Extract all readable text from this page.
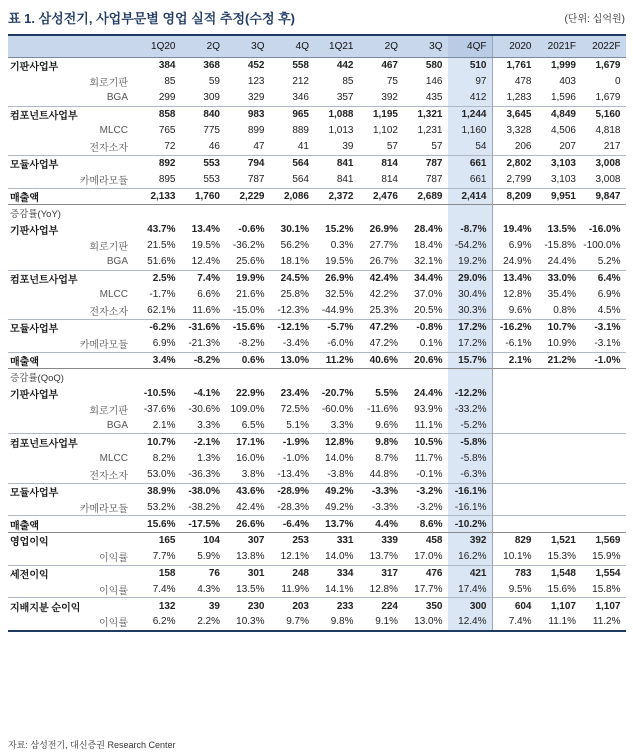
표 1. 삼성전기, 사업부문별 영업 실적 추정(수정 후)	(단위: 십억원)
	1Q20	2Q	3Q	4Q	1Q21	2Q	3Q	4QF	2020	2021F	2022F
기판사업부	384	368	452	558	442	467	580	510	1,761	1,999	1,679
회로기판	85	59	123	212	85	75	146	97	478	403	0
BGA	299	309	329	346	357	392	435	412	1,283	1,596	1,679
컴포넌트사업부	858	840	983	965	1,088	1,195	1,321	1,244	3,645	4,849	5,160
MLCC	765	775	899	889	1,013	1,102	1,231	1,160	3,328	4,506	4,818
전자소자	72	46	47	41	39	57	57	54	206	207	217
모듈사업부	892	553	794	564	841	814	787	661	2,802	3,103	3,008
카메라모듈	895	553	787	564	841	814	787	661	2,799	3,103	3,008
매출액	2,133	1,760	2,229	2,086	2,372	2,476	2,689	2,414	8,209	9,951	9,847
증감률(YoY)											
기판사업부	43.7%	13.4%	-0.6%	30.1%	15.2%	26.9%	28.4%	-8.7%	19.4%	13.5%	-16.0%
회로기판	21.5%	19.5%	-36.2%	56.2%	0.3%	27.7%	18.4%	-54.2%	6.9%	-15.8%	-100.0%
BGA	51.6%	12.4%	25.6%	18.1%	19.5%	26.7%	32.1%	19.2%	24.9%	24.4%	5.2%
컴포넌트사업부	2.5%	7.4%	19.9%	24.5%	26.9%	42.4%	34.4%	29.0%	13.4%	33.0%	6.4%
MLCC	-1.7%	6.6%	21.6%	25.8%	32.5%	42.2%	37.0%	30.4%	12.8%	35.4%	6.9%
전자소자	62.1%	11.6%	-15.0%	-12.3%	-44.9%	25.3%	20.5%	30.3%	9.6%	0.8%	4.5%
모듈사업부	-6.2%	-31.6%	-15.6%	-12.1%	-5.7%	47.2%	-0.8%	17.2%	-16.2%	10.7%	-3.1%
카메라모듈	6.9%	-21.3%	-8.2%	-3.4%	-6.0%	47.2%	0.1%	17.2%	-6.1%	10.9%	-3.1%
매출액	3.4%	-8.2%	0.6%	13.0%	11.2%	40.6%	20.6%	15.7%	2.1%	21.2%	-1.0%
증감률(QoQ)											
기판사업부	-10.5%	-4.1%	22.9%	23.4%	-20.7%	5.5%	24.4%	-12.2%			
회로기판	-37.6%	-30.6%	109.0%	72.5%	-60.0%	-11.6%	93.9%	-33.2%			
BGA	2.1%	3.3%	6.5%	5.1%	3.3%	9.6%	11.1%	-5.2%			
컴포넌트사업부	10.7%	-2.1%	17.1%	-1.9%	12.8%	9.8%	10.5%	-5.8%			
MLCC	8.2%	1.3%	16.0%	-1.0%	14.0%	8.7%	11.7%	-5.8%			
전자소자	53.0%	-36.3%	3.8%	-13.4%	-3.8%	44.8%	-0.1%	-6.3%			
모듈사업부	38.9%	-38.0%	43.6%	-28.9%	49.2%	-3.3%	-3.2%	-16.1%			
카메라모듈	53.2%	-38.2%	42.4%	-28.3%	49.2%	-3.3%	-3.2%	-16.1%			
매출액	15.6%	-17.5%	26.6%	-6.4%	13.7%	4.4%	8.6%	-10.2%			
영업이익	165	104	307	253	331	339	458	392	829	1,521	1,569
이익률	7.7%	5.9%	13.8%	12.1%	14.0%	13.7%	17.0%	16.2%	10.1%	15.3%	15.9%
세전이익	158	76	301	248	334	317	476	421	783	1,548	1,554
이익률	7.4%	4.3%	13.5%	11.9%	14.1%	12.8%	17.7%	17.4%	9.5%	15.6%	15.8%
지배지분 순이익	132	39	230	203	233	224	350	300	604	1,107	1,107
이익률	6.2%	2.2%	10.3%	9.7%	9.8%	9.1%	13.0%	12.4%	7.4%	11.1%	11.2%
자료: 삼성전기, 대신증권 Research Center
